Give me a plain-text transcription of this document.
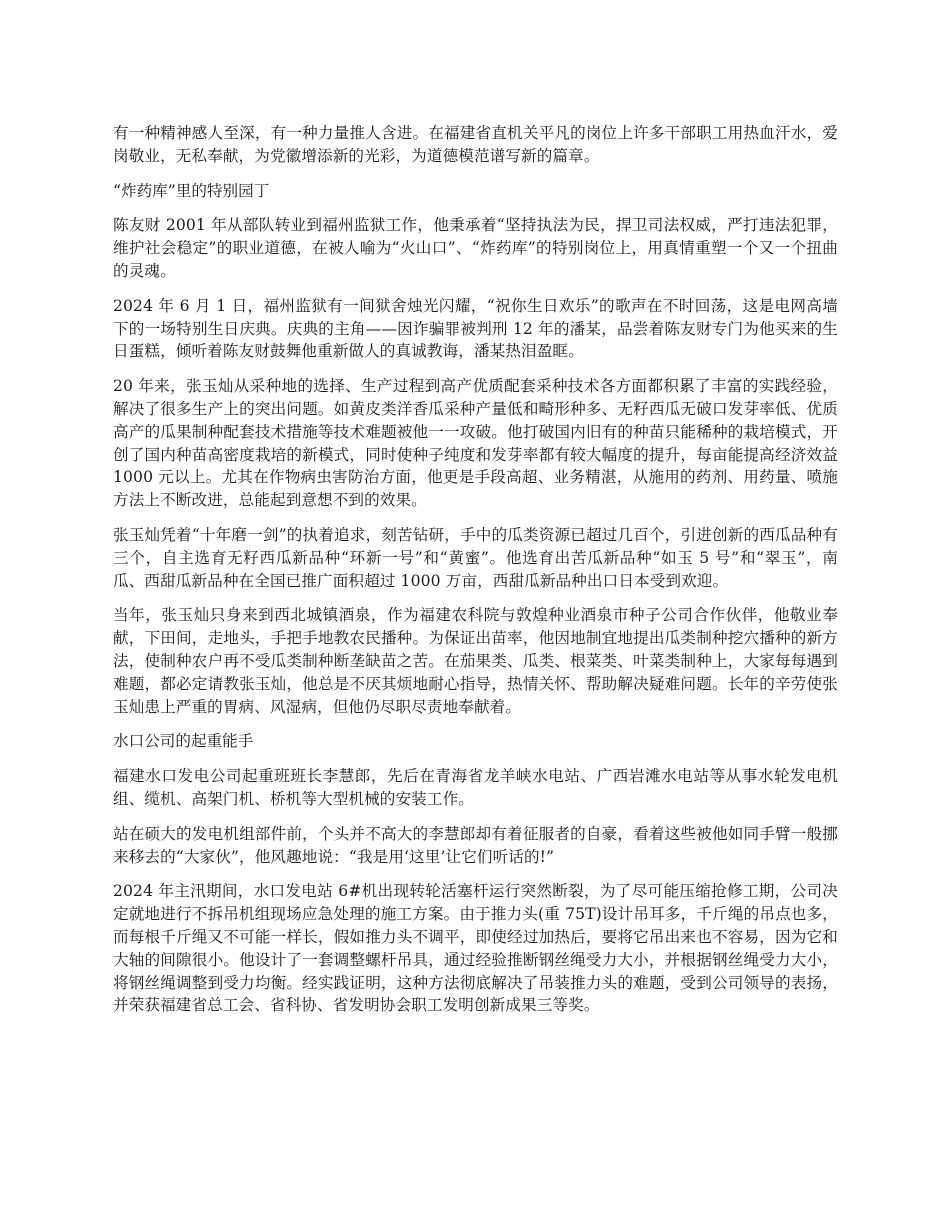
有一种精神感人至深，有一种力量推人含进。在福建省直机关平凡的岗位上许多干部职工用热血汗水，爱岗敬业，无私奉献，为党徽增添新的光彩，为道德模范谱写新的篇章。

“炸药库”里的特别园丁

陈友财 2001 年从部队转业到福州监狱工作，他秉承着“坚持执法为民，捍卫司法权威，严打违法犯罪，维护社会稳定”的职业道德，在被人喻为“火山口”、“炸药库”的特别岗位上，用真情重塑一个又一个扭曲的灵魂。

2024 年 6 月 1 日，福州监狱有一间狱舍烛光闪耀，“祝你生日欢乐”的歌声在不时回荡，这是电网高墙下的一场特别生日庆典。庆典的主角——因诈骗罪被判刑 12 年的潘某，品尝着陈友财专门为他买来的生日蛋糕，倾听着陈友财鼓舞他重新做人的真诚教诲，潘某热泪盈眶。

20 年来，张玉灿从采种地的选择、生产过程到高产优质配套采种技术各方面都积累了丰富的实践经验，解决了很多生产上的突出问题。如黄皮类洋香瓜采种产量低和畸形种多、无籽西瓜无破口发芽率低、优质高产的瓜果制种配套技术措施等技术难题被他一一攻破。他打破国内旧有的种苗只能稀种的栽培模式，开创了国内种苗高密度栽培的新模式，同时使种子纯度和发芽率都有较大幅度的提升，每亩能提高经济效益 1000 元以上。尤其在作物病虫害防治方面，他更是手段高超、业务精湛，从施用的药剂、用药量、喷施方法上不断改进，总能起到意想不到的效果。

张玉灿凭着“十年磨一剑”的执着追求，刻苦钻研，手中的瓜类资源已超过几百个，引进创新的西瓜品种有三个，自主选育无籽西瓜新品种“环新一号”和“黄蜜”。他选育出苦瓜新品种“如玉 5 号”和“翠玉”，南瓜、西甜瓜新品种在全国已推广面积超过 1000 万亩，西甜瓜新品种出口日本受到欢迎。

当年，张玉灿只身来到西北城镇酒泉，作为福建农科院与敦煌种业酒泉市种子公司合作伙伴，他敬业奉献，下田间，走地头，手把手地教农民播种。为保证出苗率，他因地制宜地提出瓜类制种挖穴播种的新方法，使制种农户再不受瓜类制种断垄缺苗之苦。在茄果类、瓜类、根菜类、叶菜类制种上，大家每每遇到难题，都必定请教张玉灿，他总是不厌其烦地耐心指导，热情关怀、帮助解决疑难问题。长年的辛劳使张玉灿患上严重的胃病、风湿病，但他仍尽职尽责地奉献着。

水口公司的起重能手

福建水口发电公司起重班班长李慧郎，先后在青海省龙羊峡水电站、广西岩滩水电站等从事水轮发电机组、缆机、高架门机、桥机等大型机械的安装工作。

站在硕大的发电机组部件前，个头并不高大的李慧郎却有着征服者的自豪，看着这些被他如同手臂一般挪来移去的“大家伙”，他风趣地说：“我是用‘这里’让它们听话的!”

2024 年主汛期间，水口发电站 6#机出现转轮活塞杆运行突然断裂，为了尽可能压缩抢修工期，公司决定就地进行不拆吊机组现场应急处理的施工方案。由于推力头(重 75T)设计吊耳多，千斤绳的吊点也多，而每根千斤绳又不可能一样长，假如推力头不调平，即使经过加热后，要将它吊出来也不容易，因为它和大轴的间隙很小。他设计了一套调整螺杆吊具，通过经验推断钢丝绳受力大小，并根据钢丝绳受力大小，将钢丝绳调整到受力均衡。经实践证明，这种方法彻底解决了吊装推力头的难题，受到公司领导的表扬，并荣获福建省总工会、省科协、省发明协会职工发明创新成果三等奖。
